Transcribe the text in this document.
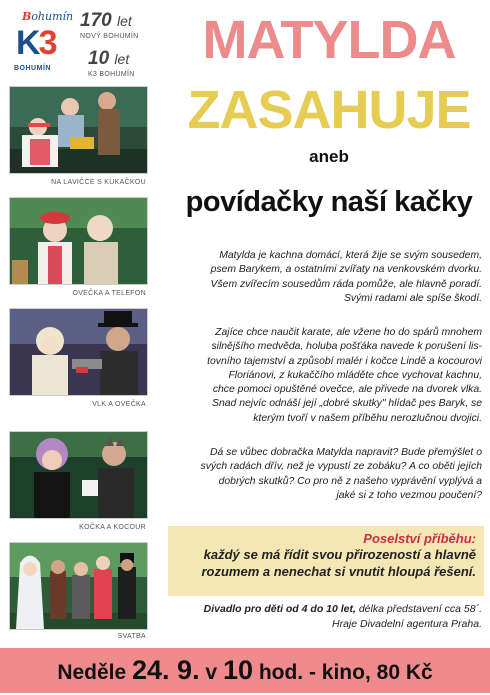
Bohumín
K3
BOHUMÍN
170 let
NOVÝ BOHUMÍN
10 let
K3 BOHUMÍN
MATYLDA
ZASAHUJE
aneb
povídačky naší kačky
NA LAVIČCE S KUKAČKOU
OVEČKA A TELEFON
VLK A OVEČKA
KOČKA A KOCOUR
SVATBA
Matylda je kachna domácí, která žije se svým sousedem,
psem Barykem, a ostatními zvířaty na venkovském dvorku.
Všem zvířecím sousedům ráda pomůže, ale hlavně poradí.
Svými radami ale spíše škodí.
Zajíce chce naučit karate, ale vžene ho do spárů mnohem
silnějšího medvěda, holuba pošťáka navede k porušení lis-
tovního tajemství a způsobí malér i kočce Lindě a kocourovi
Floriánovi, z kukaččího mláděte chce vychovat kachnu,
chce pomoci opuštěné ovečce, ale přivede na dvorek vlka.
Snad nejvíc odnáší její „dobré skutky" hlídač pes Baryk, se
kterým tvoří v našem příběhu nerozlučnou dvojici.
Dá se vůbec dobračka Matylda napravit? Bude přemýšlet o
svých radách dřív, než je vypustí ze zobáku? A co oběti jejích
dobrých skutků? Co pro ně z našeho vyprávění vyplývá a
jaké si z toho vezmou poučení?
Poselství příběhu:
každý se má řídit svou přirozeností a hlavně
rozumem a nenechat si vnutit hloupá řešení.
Divadlo pro děti od 4 do 10 let, délka představení cca 58´.
Hraje Divadelní agentura Praha.
Neděle 24. 9. v 10 hod. - kino, 80 Kč
